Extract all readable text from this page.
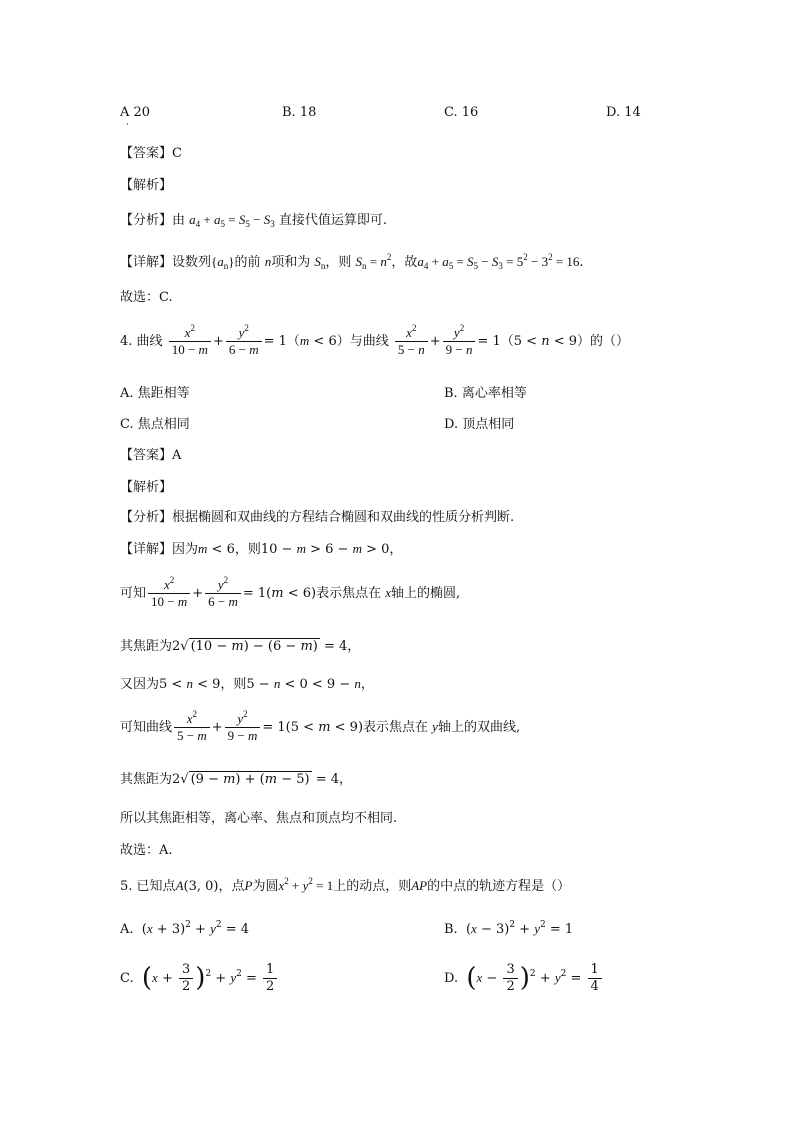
A 20
·
B. 18	C. 16	D. 14
【答案】C
【解析】
【分析】由 $a_4 + a_5 = S_5 - S_3$ 直接代值运算即可.
【详解】设数列$\{a_n\}$的前 n项和为 $S_n$，则 $S_n = n^2$，故$a_4 + a_5 = S_5 - S_3 = 5^2 - 3^2 = 16$.
故选：C.
4. 曲线 $\frac{x^2}{10 - m} + \frac{y^2}{6 - m} = 1(m < 6)$与曲线 $\frac{x^2}{5 - n} + \frac{y^2}{9 - n} = 1(5 < n < 9)$的（）
A. 焦距相等	B. 离心率相等
C. 焦点相同	D. 顶点相同
【答案】A
【解析】
【分析】根据椭圆和双曲线的方程结合椭圆和双曲线的性质分析判断.
【详解】因为m < 6，则10 − m > 6 − m > 0，
可知 $\frac{x^2}{10 - m} + \frac{y^2}{6 - m} = 1(m < 6)$表示焦点在 x轴上的椭圆,
其焦距为2√ (10 − m) − (6 − m) = 4，
又因为5 < n < 9，则5 − n < 0 < 9 − n，
可知曲线 $\frac{x^2}{5 - m} + \frac{y^2}{9 - m} = 1(5 < m < 9)$表示焦点在 y轴上的双曲线,
其焦距为2√ (9 − m) + (m − 5) = 4，
所以其焦距相等，离心率、焦点和顶点均不相同.
故选：A.
5. 已知点A(3, 0)，点P为圆$x^2 + y^2 = 1$上的动点，则AP的中点的轨迹方程是（）
A.  $(x + 3)^2 + y^2 = 4$	B.  $(x - 3)^2 + y^2 = 1$
C. $(x + \frac{3}{2} )^2 + y^2 = \frac{1}{2}$	D. $(x - \frac{3}{2} )^2 + y^2 = \frac{1}{4}$
